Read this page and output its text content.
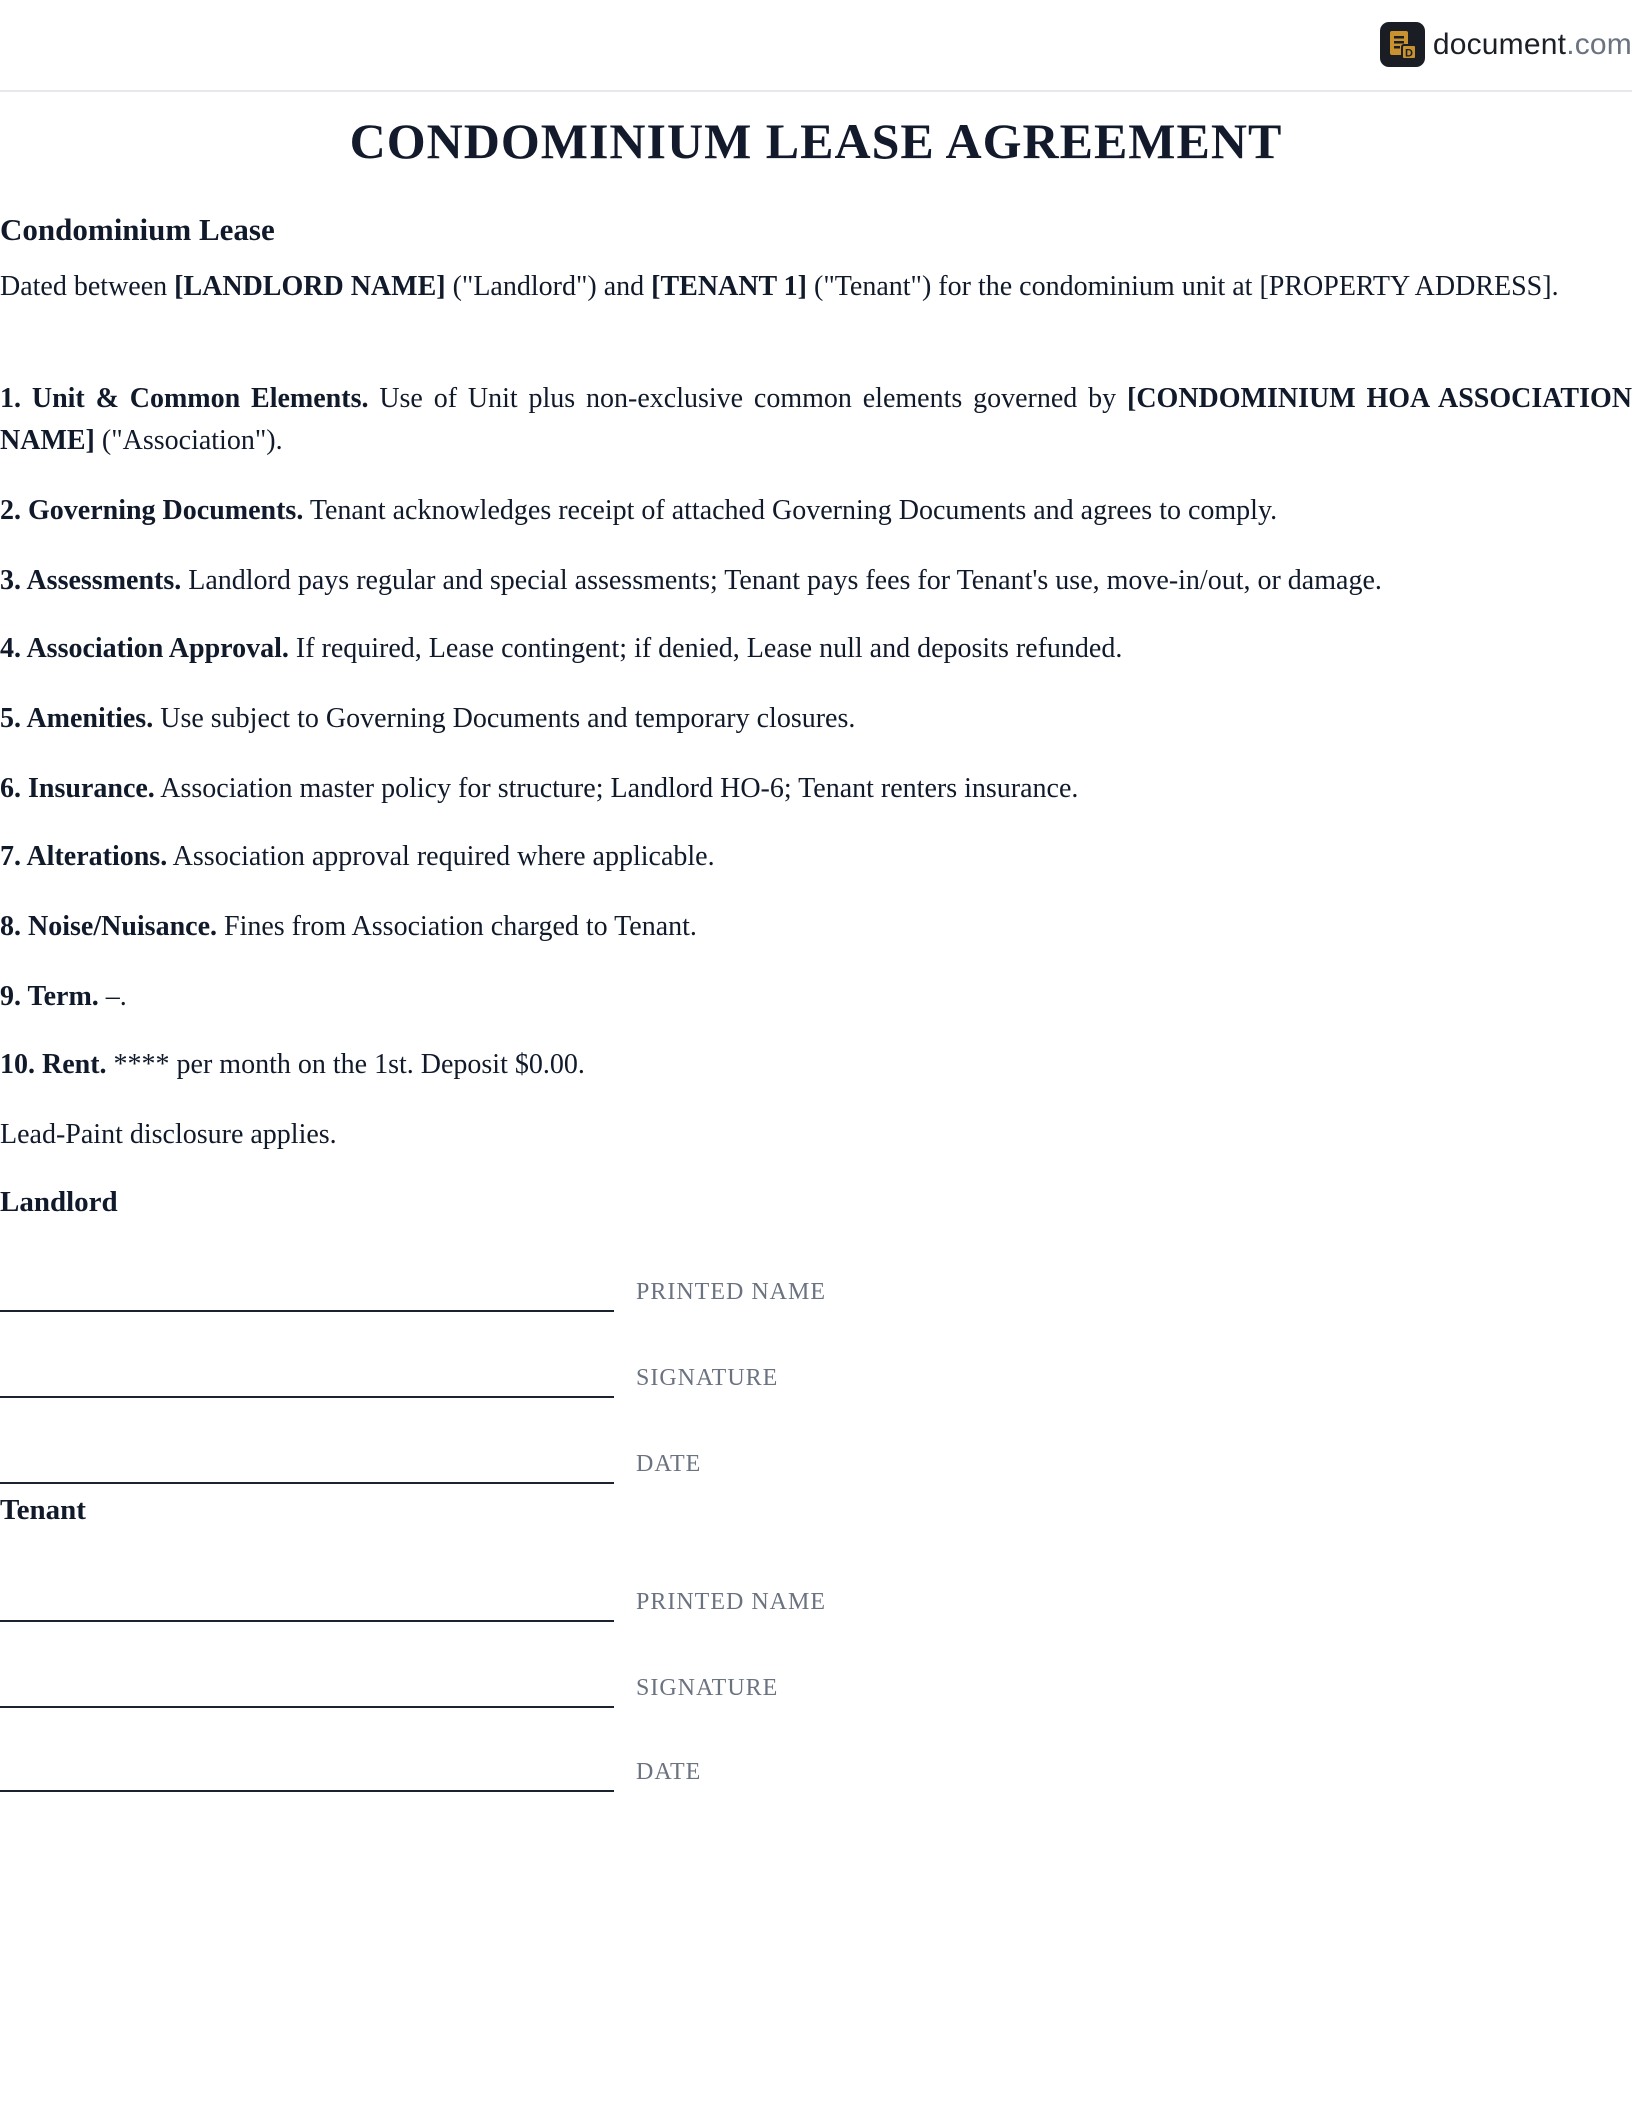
D document.com
CONDOMINIUM LEASE AGREEMENT
Condominium Lease

Dated between [LANDLORD NAME] ("Landlord") and [TENANT 1] ("Tenant") for the condominium unit at [PROPERTY ADDRESS].

1. Unit & Common Elements. Use of Unit plus non-exclusive common elements governed by [CONDOMINIUM HOA ASSOCIATION NAME] ("Association").

2. Governing Documents. Tenant acknowledges receipt of attached Governing Documents and agrees to comply.

3. Assessments. Landlord pays regular and special assessments; Tenant pays fees for Tenant's use, move-in/out, or damage.

4. Association Approval. If required, Lease contingent; if denied, Lease null and deposits refunded.

5. Amenities. Use subject to Governing Documents and temporary closures.

6. Insurance. Association master policy for structure; Landlord HO-6; Tenant renters insurance.

7. Alterations. Association approval required where applicable.

8. Noise/Nuisance. Fines from Association charged to Tenant.

9. Term. –.

10. Rent. **** per month on the 1st. Deposit $0.00.

Lead-Paint disclosure applies.

Landlord
PRINTED NAME
SIGNATURE
DATE
Tenant
PRINTED NAME
SIGNATURE
DATE
